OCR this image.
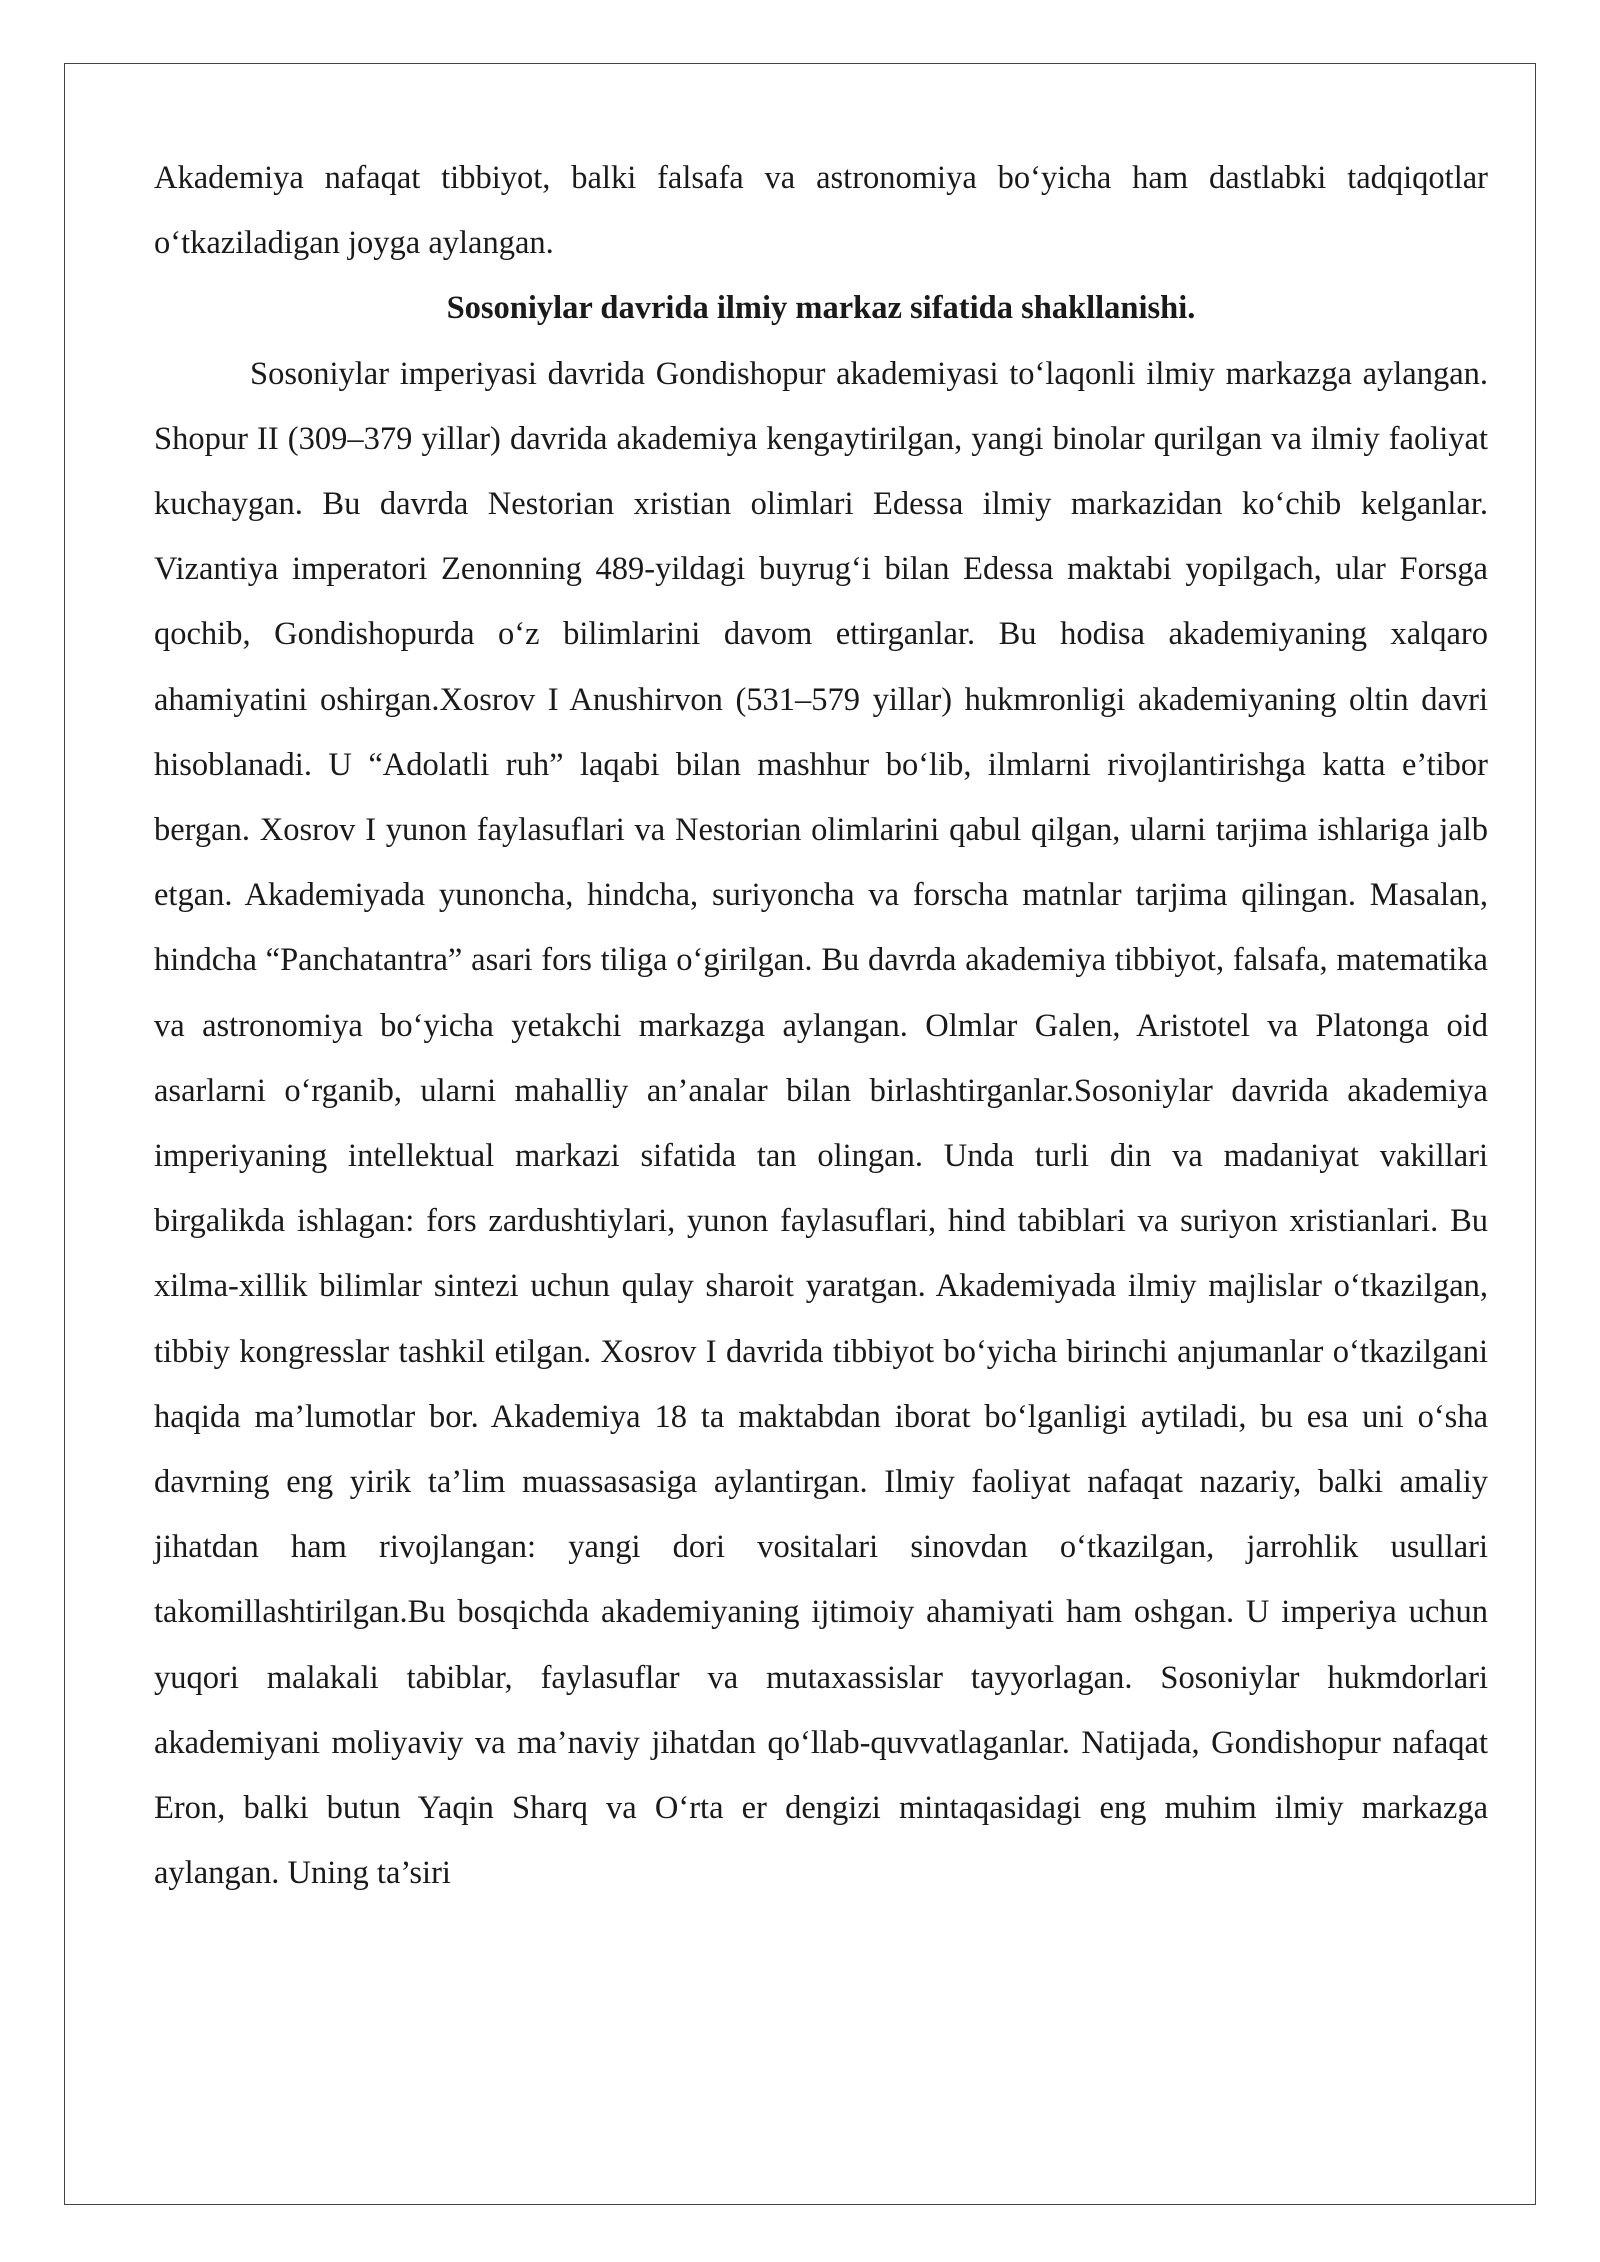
Akademiya nafaqat tibbiyot, balki falsafa va astronomiya bo‘yicha ham dastlabki tadqiqotlar o‘tkaziladigan joyga aylangan.

Sosoniylar davrida ilmiy markaz sifatida shakllanishi.

Sosoniylar imperiyasi davrida Gondishopur akademiyasi to‘laqonli ilmiy markazga aylangan. Shopur II (309–379 yillar) davrida akademiya kengaytirilgan, yangi binolar qurilgan va ilmiy faoliyat kuchaygan. Bu davrda Nestorian xristian olimlari Edessa ilmiy markazidan ko‘chib kelganlar. Vizantiya imperatori Zenonning 489-yildagi buyrug‘i bilan Edessa maktabi yopilgach, ular Forsga qochib, Gondishopurda o‘z bilimlarini davom ettirganlar. Bu hodisa akademiyaning xalqaro ahamiyatini oshirgan.Xosrov I Anushirvon (531–579 yillar) hukmronligi akademiyaning oltin davri hisoblanadi. U “Adolatli ruh” laqabi bilan mashhur bo‘lib, ilmlarni rivojlantirishga katta e’tibor bergan. Xosrov I yunon faylasuflari va Nestorian olimlarini qabul qilgan, ularni tarjima ishlariga jalb etgan. Akademiyada yunoncha, hindcha, suriyoncha va forscha matnlar tarjima qilingan. Masalan, hindcha “Panchatantra” asari fors tiliga o‘girilgan. Bu davrda akademiya tibbiyot, falsafa, matematika va astronomiya bo‘yicha yetakchi markazga aylangan. Olmlar Galen, Aristotel va Platonga oid asarlarni o‘rganib, ularni mahalliy an’analar bilan birlashtirganlar.Sosoniylar davrida akademiya imperiyaning intellektual markazi sifatida tan olingan. Unda turli din va madaniyat vakillari birgalikda ishlagan: fors zardushtiylari, yunon faylasuflari, hind tabiblari va suriyon xristianlari. Bu xilma-xillik bilimlar sintezi uchun qulay sharoit yaratgan. Akademiyada ilmiy majlislar o‘tkazilgan, tibbiy kongresslar tashkil etilgan. Xosrov I davrida tibbiyot bo‘yicha birinchi anjumanlar o‘tkazilgani haqida ma’lumotlar bor. Akademiya 18 ta maktabdan iborat bo‘lganligi aytiladi, bu esa uni o‘sha davrning eng yirik ta’lim muassasasiga aylantirgan. Ilmiy faoliyat nafaqat nazariy, balki amaliy jihatdan ham rivojlangan: yangi dori vositalari sinovdan o‘tkazilgan, jarrohlik usullari takomillashtirilgan.Bu bosqichda akademiyaning ijtimoiy ahamiyati ham oshgan. U imperiya uchun yuqori malakali tabiblar, faylasuflar va mutaxassislar tayyorlagan. Sosoniylar hukmdorlari akademiyani moliyaviy va ma’naviy jihatdan qo‘llab-quvvatlaganlar. Natijada, Gondishopur nafaqat Eron, balki butun Yaqin Sharq va O‘rta er dengizi mintaqasidagi eng muhim ilmiy markazga aylangan. Uning ta’siri
